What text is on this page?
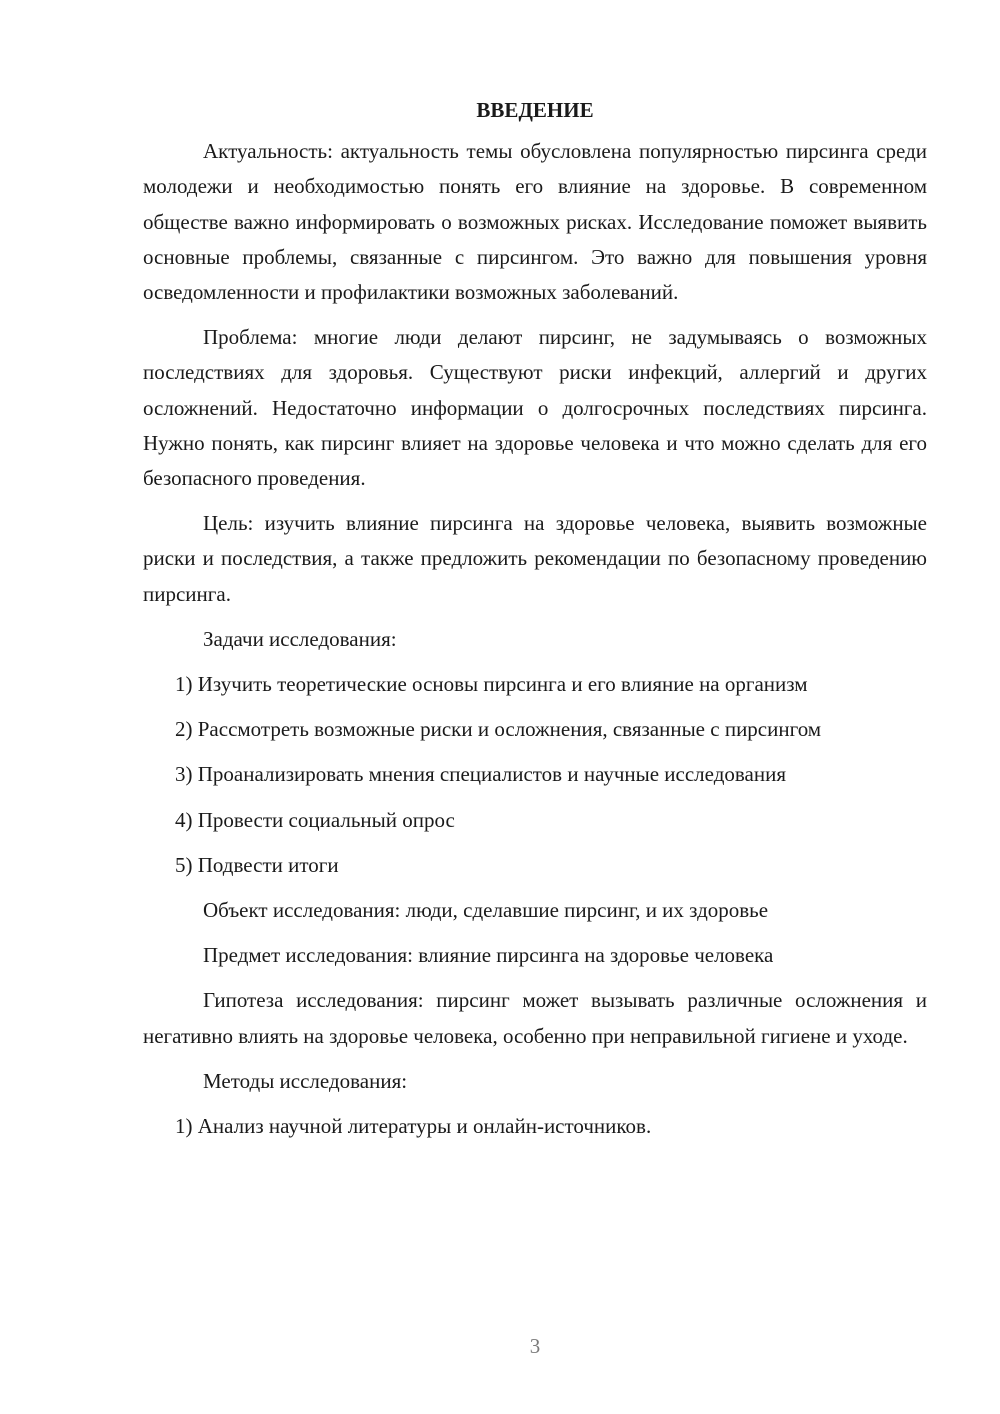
ВВЕДЕНИЕ

Актуальность: актуальность темы обусловлена популярностью пирсинга среди молодежи и необходимостью понять его влияние на здоровье. В современном обществе важно информировать о возможных рисках. Исследование поможет выявить основные проблемы, связанные с пирсингом. Это важно для повышения уровня осведомленности и профилактики возможных заболеваний.

Проблема: многие люди делают пирсинг, не задумываясь о возможных последствиях для здоровья. Существуют риски инфекций, аллергий и других осложнений. Недостаточно информации о долгосрочных последствиях пирсинга. Нужно понять, как пирсинг влияет на здоровье человека и что можно сделать для его безопасного проведения.

Цель: изучить влияние пирсинга на здоровье человека, выявить возможные риски и последствия, а также предложить рекомендации по безопасному проведению пирсинга.

Задачи исследования:

1) Изучить теоретические основы пирсинга и его влияние на организм

2) Рассмотреть возможные риски и осложнения, связанные с пирсингом

3) Проанализировать мнения специалистов и научные исследования

4) Провести социальный опрос

5) Подвести итоги

Объект исследования: люди, сделавшие пирсинг, и их здоровье

Предмет исследования: влияние пирсинга на здоровье человека

Гипотеза исследования: пирсинг может вызывать различные осложнения и негативно влиять на здоровье человека, особенно при неправильной гигиене и уходе.

Методы исследования:

1) Анализ научной литературы и онлайн-источников.

3
